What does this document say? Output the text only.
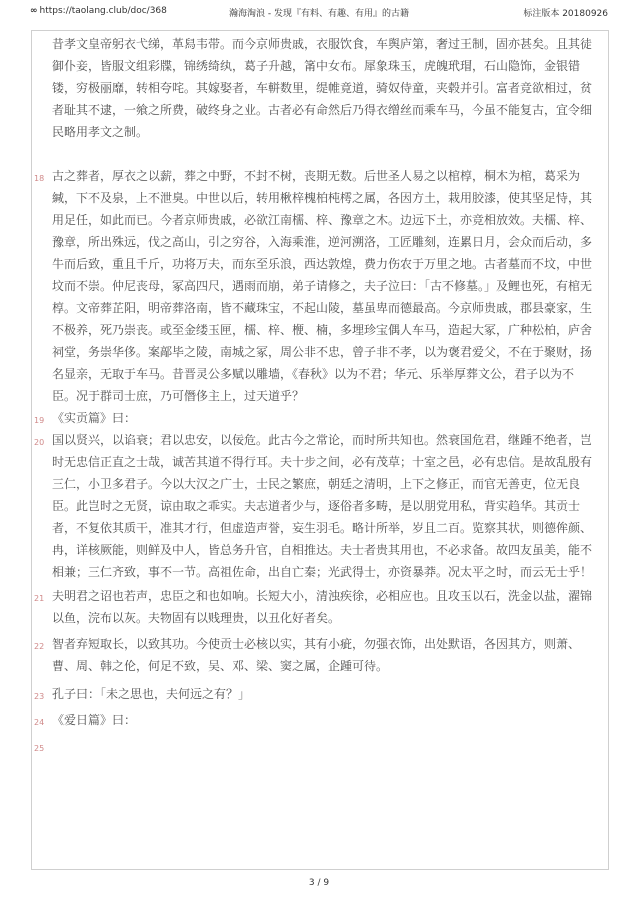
∞ https://taolang.club/doc/368	瀚海淘浪 - 发现『有料、有趣、有用』的古籍	标注版本 20180926
昔孝文皇帝躬衣弋绨，革舄韦带。而今京师贵戚，衣服饮食，车舆庐第，奢过王制，固亦甚矣。且其徒御仆妾，皆服文组彩牒，锦绣绮纨，葛子升越，筩中女布。犀象珠玉，虎魄玳瑁，石山隐饰，金银错镂，穷极丽靡，转相夸咤。其嫁娶者，车軿数里，缇帷竟道，骑奴侍童，夹毂并引。富者竞欲相过，贫者耻其不逮，一飨之所费，破终身之业。古者必有命然后乃得衣缯丝而乘车马，今虽不能复古，宜令细民略用孝文之制。
18 古之葬者，厚衣之以薪，葬之中野，不封不树，丧期无数。后世圣人易之以棺椁，桐木为棺，葛采为緘，下不及泉，上不泄臭。中世以后，转用楸梓槐柏杶樗之属，各因方土，栽用胶漆，使其坚足恃，其用足任，如此而已。今者京师贵戚，必欲江南檽、梓、豫章之木。边远下土，亦竞相放效。夫檽、梓、豫章，所出殊远，伐之高山，引之穷谷，入海乘淮，逆河溯洛，工匠雕刻，连累日月，会众而后动，多牛而后致，重且千斤，功将万夫，而东至乐浪，西达敦煌，费力伤农于万里之地。古者墓而不坟，中世坟而不崇。仲尼丧母，冢高四尺，遇雨而崩，弟子请修之，夫子泣曰：「古不修墓。」及鲤也死，有棺无椁。文帝葬芷阳，明帝葬洛南，皆不藏珠宝，不起山陵，墓虽卑而德最高。今京师贵戚，郡县豪家，生不极养，死乃崇丧。或至金缕玉匣，檽、梓、楩、楠，多埋珍宝偶人车马，造起大冢，广种松柏，庐舍祠堂，务崇华侈。案鄗毕之陵，南城之冢，周公非不忠，曾子非不孝，以为褒君爱父，不在于聚财，扬名显亲，无取于车马。昔晋灵公多赋以雕墙，《春秋》以为不君；华元、乐举厚葬文公，君子以为不臣。况于群司士庶，乃可僭侈主上，过天道乎？
19 《实贡篇》曰：
20 国以贤兴，以谄衰；君以忠安，以佞危。此古今之常论，而时所共知也。然衰国危君，继踵不绝者，岂时无忠信正直之士哉，诚苦其道不得行耳。夫十步之间，必有茂草；十室之邑，必有忠信。是故乱殷有三仁，小卫多君子。今以大汉之广士，士民之繁庶，朝廷之清明，上下之修正，而官无善吏，位无良臣。此岂时之无贤，谅由取之乖实。夫志道者少与，逐俗者多畴，是以朋党用私，背实趋华。其贡士者，不复依其质干，准其才行，但虚造声誉，妄生羽毛。略计所举，岁且二百。览察其状，则德侔颜、冉，详核厥能，则鲜及中人，皆总务升官，自相推达。夫士者贵其用也，不必求备。故四友虽美，能不相兼；三仁齐致，事不一节。高祖佐命，出自亡秦；光武得士，亦资暴莽。况太平之时，而云无士乎！
21 夫明君之诏也若声，忠臣之和也如响。长短大小，清浊疾徐，必相应也。且攻玉以石，洗金以盐，濯锦以鱼，浣布以灰。夫物固有以贱理贵，以丑化好者矣。
22 智者弃短取长，以致其功。今使贡士必核以实，其有小疵，勿强衣饰，出处默语，各因其方，则萧、曹、周、韩之伦，何足不致，吴、邓、梁、窦之属，企踵可待。
23 孔子曰：「未之思也，夫何远之有？」
24 《爱日篇》曰：
25
3 / 9
